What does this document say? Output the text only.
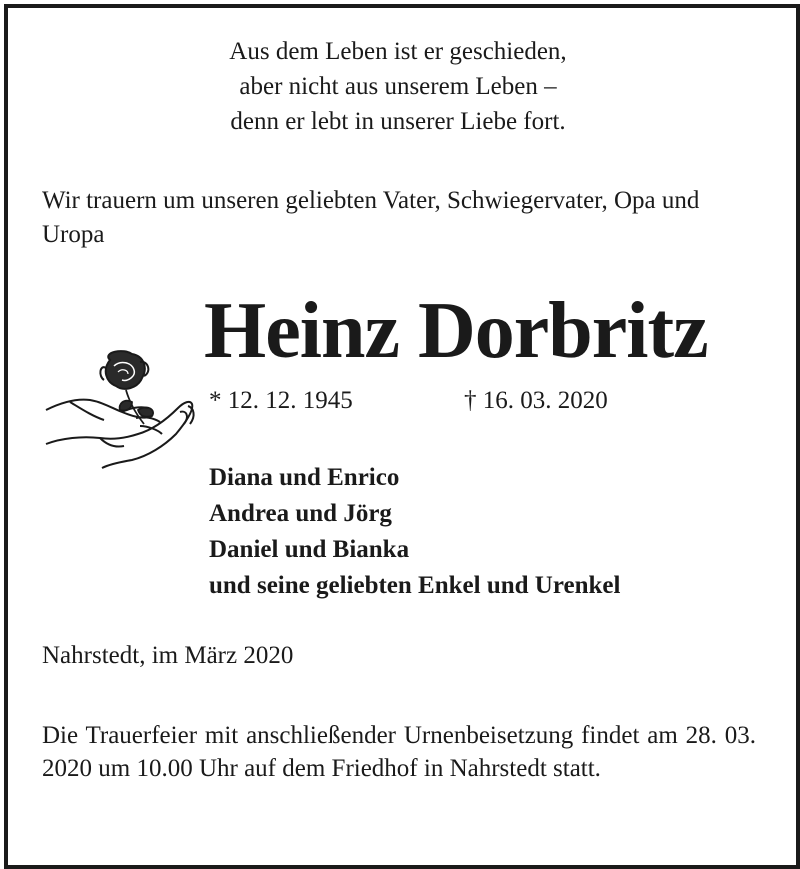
Aus dem Leben ist er geschieden,
aber nicht aus unserem Leben –
denn er lebt in unserer Liebe fort.
Wir trauern um unseren geliebten Vater, Schwiegervater, Opa und Uropa
Heinz Dorbritz
* 12. 12. 1945	† 16. 03. 2020
Diana und Enrico
Andrea und Jörg
Daniel und Bianka
und seine geliebten Enkel und Urenkel
Nahrstedt, im März 2020
Die Trauerfeier mit anschließender Urnenbeisetzung findet am 28. 03. 2020 um 10.00 Uhr auf dem Friedhof in Nahrstedt statt.
